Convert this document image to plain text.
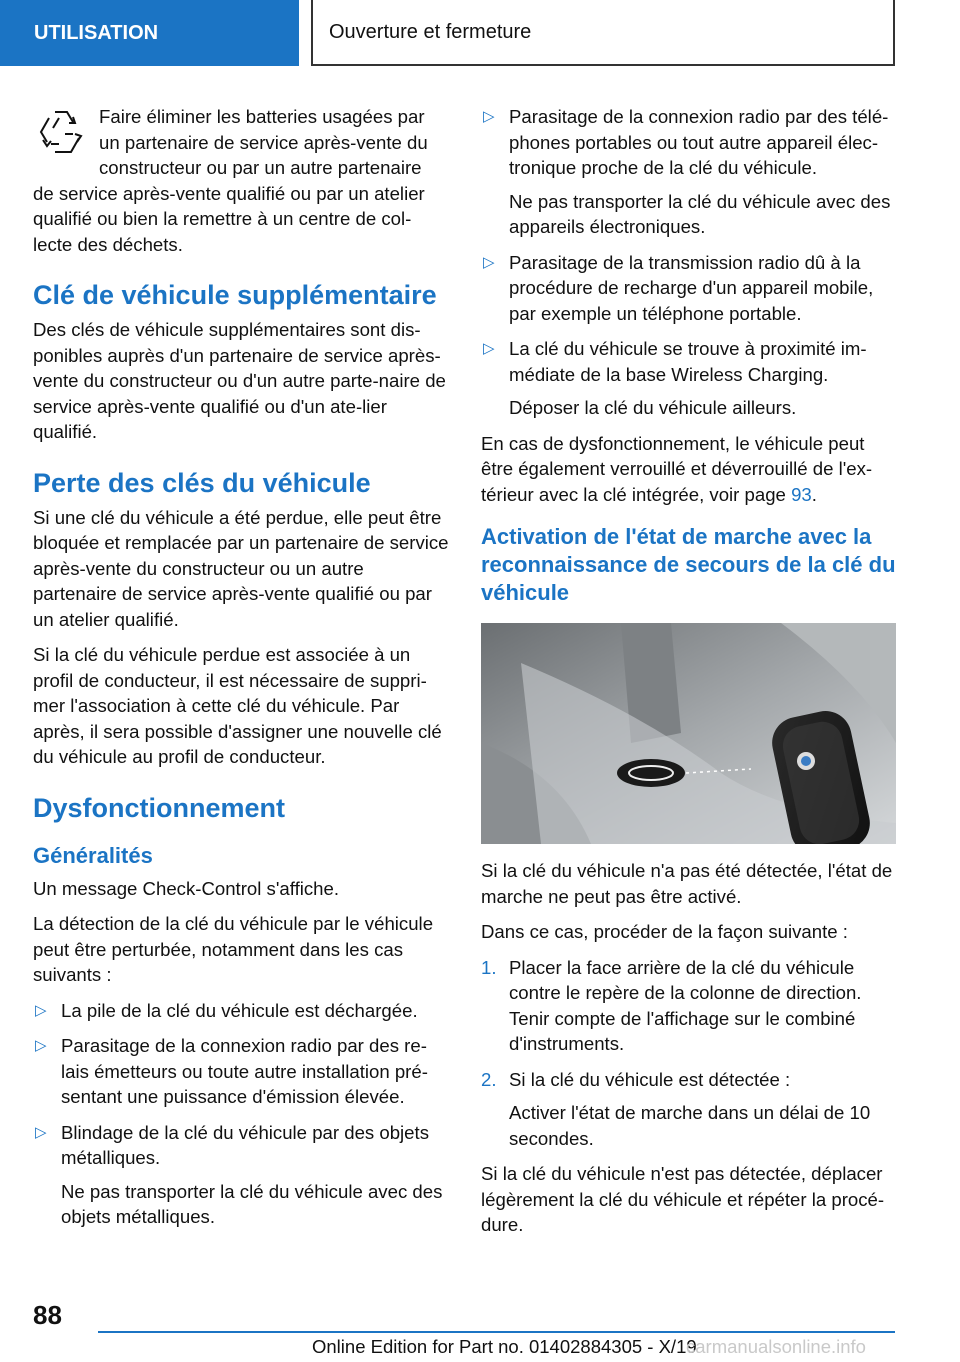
UTILISATION	Ouverture et fermeture
Faire éliminer les batteries usagées par
un partenaire de service après-vente du
constructeur ou par un autre partenaire

de service après-vente qualifié ou par un atelier qualifié ou bien la remettre à un centre de col-lecte des déchets.

Clé de véhicule supplémentaire

Des clés de véhicule supplémentaires sont dis-ponibles auprès d'un partenaire de service après-vente du constructeur ou d'un autre parte-naire de service après-vente qualifié ou d'un ate-lier qualifié.

Perte des clés du véhicule

Si une clé du véhicule a été perdue, elle peut être bloquée et remplacée par un partenaire de service après-vente du constructeur ou un autre partenaire de service après-vente qualifié ou par un atelier qualifié.

Si la clé du véhicule perdue est associée à un profil de conducteur, il est nécessaire de suppri-mer l'association à cette clé du véhicule. Par après, il sera possible d'assigner une nouvelle clé du véhicule au profil de conducteur.

Dysfonctionnement
Généralités

Un message Check-Control s'affiche.

La détection de la clé du véhicule par le véhicule peut être perturbée, notamment dans les cas suivants :

▷ La pile de la clé du véhicule est déchargée.

▷ Parasitage de la connexion radio par des re-lais émetteurs ou toute autre installation pré-sentant une puissance d'émission élevée.

▷ Blindage de la clé du véhicule par des objets métalliques.

Ne pas transporter la clé du véhicule avec des objets métalliques.

▷ Parasitage de la connexion radio par des télé-phones portables ou tout autre appareil élec-tronique proche de la clé du véhicule.

Ne pas transporter la clé du véhicule avec des appareils électroniques.

▷ Parasitage de la transmission radio dû à la procédure de recharge d'un appareil mobile, par exemple un téléphone portable.

▷ La clé du véhicule se trouve à proximité im-médiate de la base Wireless Charging.

Déposer la clé du véhicule ailleurs.

En cas de dysfonctionnement, le véhicule peut être également verrouillé et déverrouillé de l'ex-térieur avec la clé intégrée, voir page 93.

Activation de l'état de marche avec la reconnaissance de secours de la clé du véhicule

Si la clé du véhicule n'a pas été détectée, l'état de marche ne peut pas être activé.

Dans ce cas, procéder de la façon suivante :

1. Placer la face arrière de la clé du véhicule contre le repère de la colonne de direction. Tenir compte de l'affichage sur le combiné d'instruments.

2. Si la clé du véhicule est détectée :

Activer l'état de marche dans un délai de 10 secondes.

Si la clé du véhicule n'est pas détectée, déplacer légèrement la clé du véhicule et répéter la procé-dure.

88
Online Edition for Part no. 01402884305 - X/19
carmanualsonline.info
